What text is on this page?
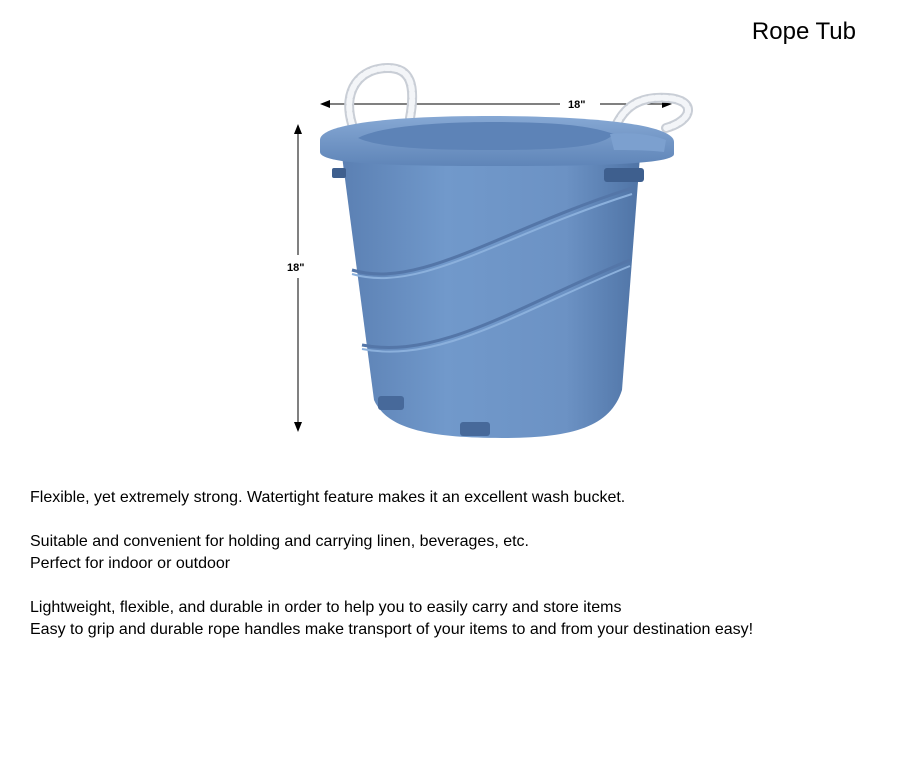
Rope Tub
18"
18"

Flexible, yet extremely strong. Watertight feature makes it an excellent wash bucket.

Suitable and convenient for holding and carrying linen, beverages, etc.
Perfect for indoor or outdoor

Lightweight, flexible, and durable in order to help you to easily carry and store items
Easy to grip and durable rope handles make transport of your items to and from your destination easy!
